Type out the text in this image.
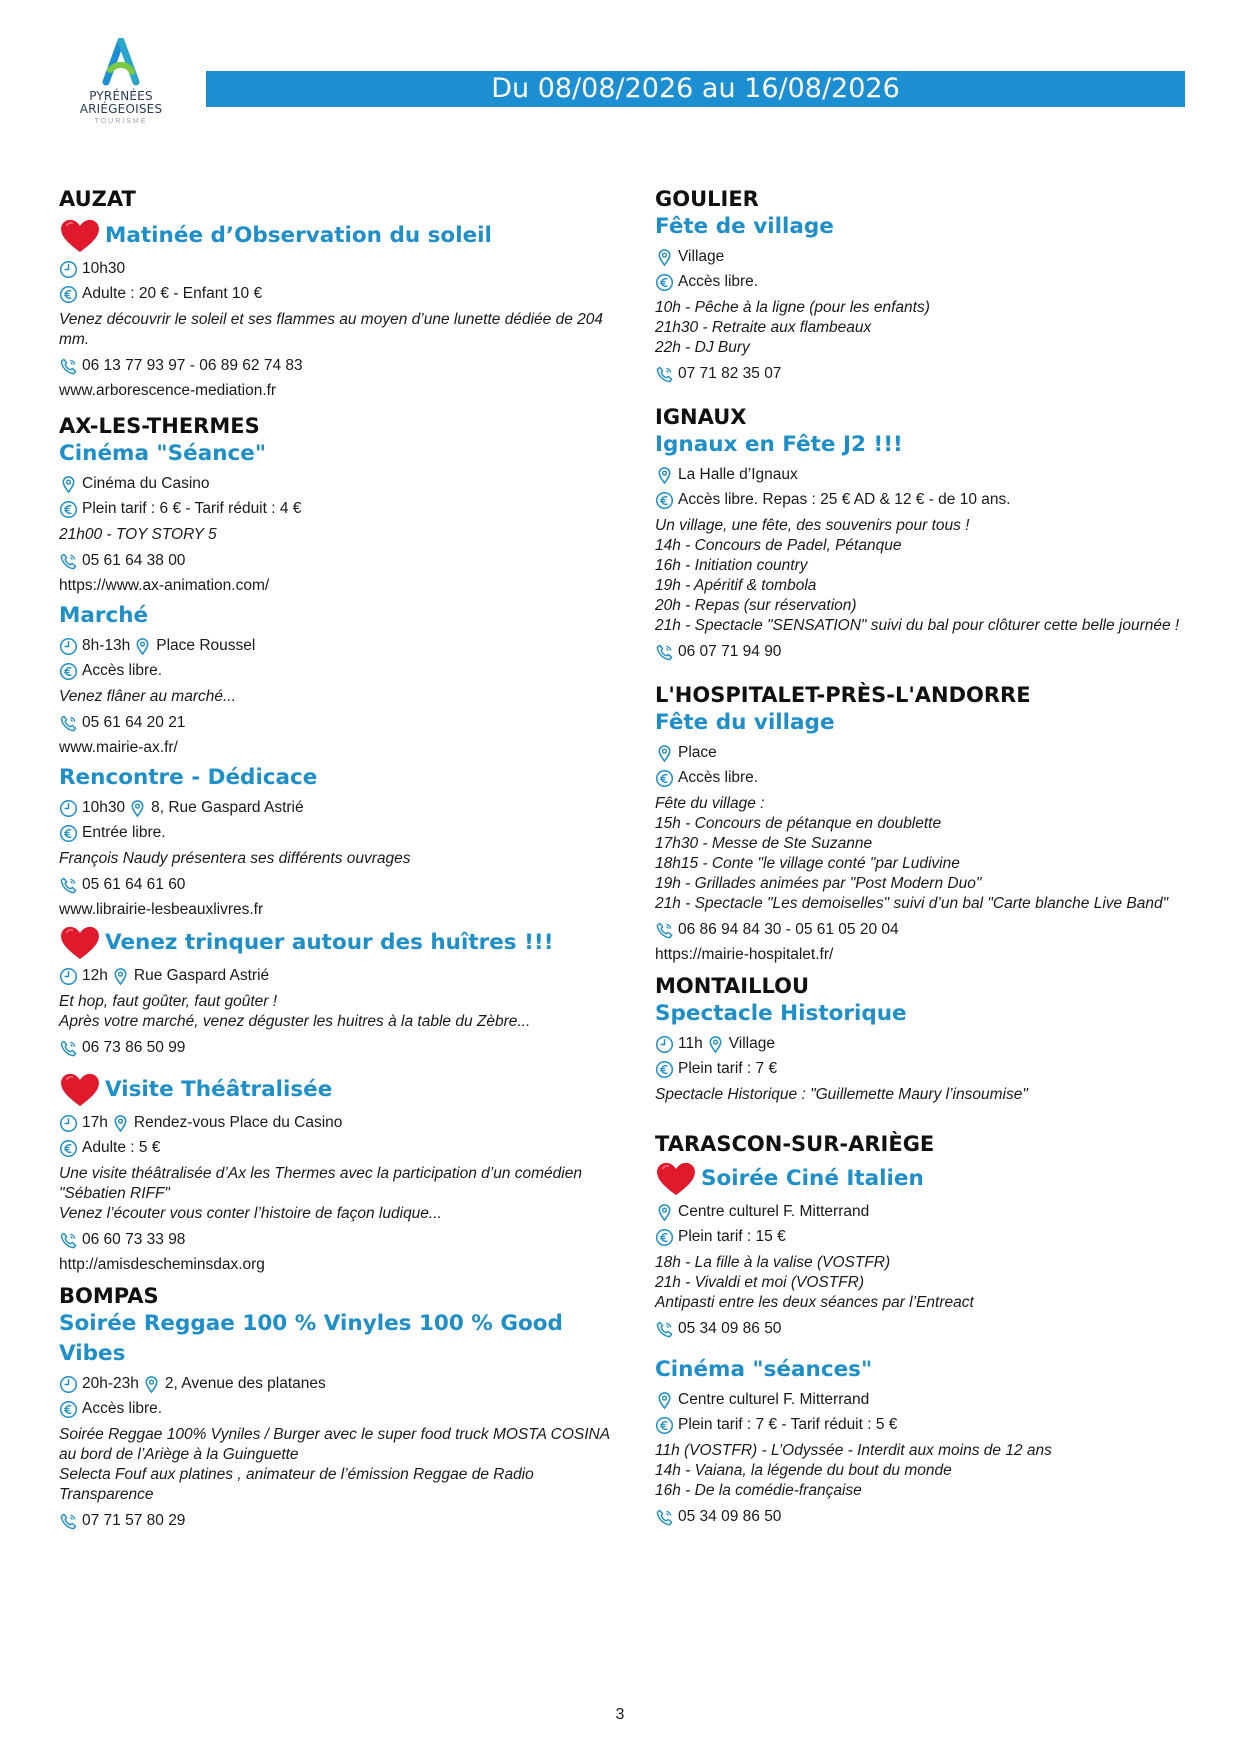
PYRÉNÉES
ARIÉGEOISES
TOURISME
Du 08/08/2026 au 16/08/2026
AUZAT
Matinée d’Observation du soleil
10h30
Adulte : 20 € - Enfant 10 €
Venez découvrir le soleil et ses flammes au moyen d’une lunette dédiée de 204 mm.
06 13 77 93 97 - 06 89 62 74 83
www.arborescence-mediation.fr
AX-LES-THERMES
Cinéma "Séance"
Cinéma du Casino
Plein tarif : 6 € - Tarif réduit : 4 €
21h00 - TOY STORY 5
05 61 64 38 00
https://www.ax-animation.com/
Marché
8h-13h Place Roussel
Accès libre.
Venez flâner au marché...
05 61 64 20 21
www.mairie-ax.fr/
Rencontre - Dédicace
10h30 8, Rue Gaspard Astrié
Entrée libre.
François Naudy présentera ses différents ouvrages
05 61 64 61 60
www.librairie-lesbeauxlivres.fr
Venez trinquer autour des huîtres !!!
12h Rue Gaspard Astrié
Et hop, faut goûter, faut goûter !
Après votre marché, venez déguster les huitres à la table du Zèbre...
06 73 86 50 99
Visite Théâtralisée
17h Rendez-vous Place du Casino
Adulte : 5 €
Une visite théâtralisée d’Ax les Thermes avec la participation d’un comédien "Sébatien RIFF"
Venez l’écouter vous conter l’histoire de façon ludique...
06 60 73 33 98
http://amisdescheminsdax.org
BOMPAS
Soirée Reggae 100 % Vinyles 100 % Good Vibes
20h-23h 2, Avenue des platanes
Accès libre.
Soirée Reggae 100% Vyniles / Burger avec le super food truck MOSTA COSINA au bord de l’Ariège à la Guinguette
Selecta Fouf aux platines , animateur de l’émission Reggae de Radio Transparence
07 71 57 80 29
GOULIER
Fête de village
Village
Accès libre.
10h - Pêche à la ligne (pour les enfants)
21h30 - Retraite aux flambeaux
22h - DJ Bury
07 71 82 35 07
IGNAUX
Ignaux en Fête J2 !!!
La Halle d’Ignaux
Accès libre. Repas : 25 € AD & 12 € - de 10 ans.
Un village, une fête, des souvenirs pour tous !
14h - Concours de Padel, Pétanque
16h - Initiation country
19h - Apéritif & tombola
20h - Repas (sur réservation)
21h - Spectacle "SENSATION" suivi du bal pour clôturer cette belle journée !
06 07 71 94 90
L'HOSPITALET-PRÈS-L'ANDORRE
Fête du village
Place
Accès libre.
Fête du village :
15h - Concours de pétanque en doublette
17h30 - Messe de Ste Suzanne
18h15 - Conte "le village conté "par Ludivine
19h - Grillades animées par "Post Modern Duo"
21h - Spectacle "Les demoiselles" suivi d’un bal "Carte blanche Live Band"
06 86 94 84 30 - 05 61 05 20 04
https://mairie-hospitalet.fr/
MONTAILLOU
Spectacle Historique
11h Village
Plein tarif : 7 €
Spectacle Historique : "Guillemette Maury l’insoumise"
TARASCON-SUR-ARIÈGE
Soirée Ciné Italien
Centre culturel F. Mitterrand
Plein tarif : 15 €
18h - La fille à la valise (VOSTFR)
21h - Vivaldi et moi (VOSTFR)
Antipasti entre les deux séances par l’Entreact
05 34 09 86 50
Cinéma "séances"
Centre culturel F. Mitterrand
Plein tarif : 7 € - Tarif réduit : 5 €
11h (VOSTFR) - L’Odyssée - Interdit aux moins de 12 ans
14h - Vaiana, la légende du bout du monde
16h - De la comédie-française
05 34 09 86 50
3
